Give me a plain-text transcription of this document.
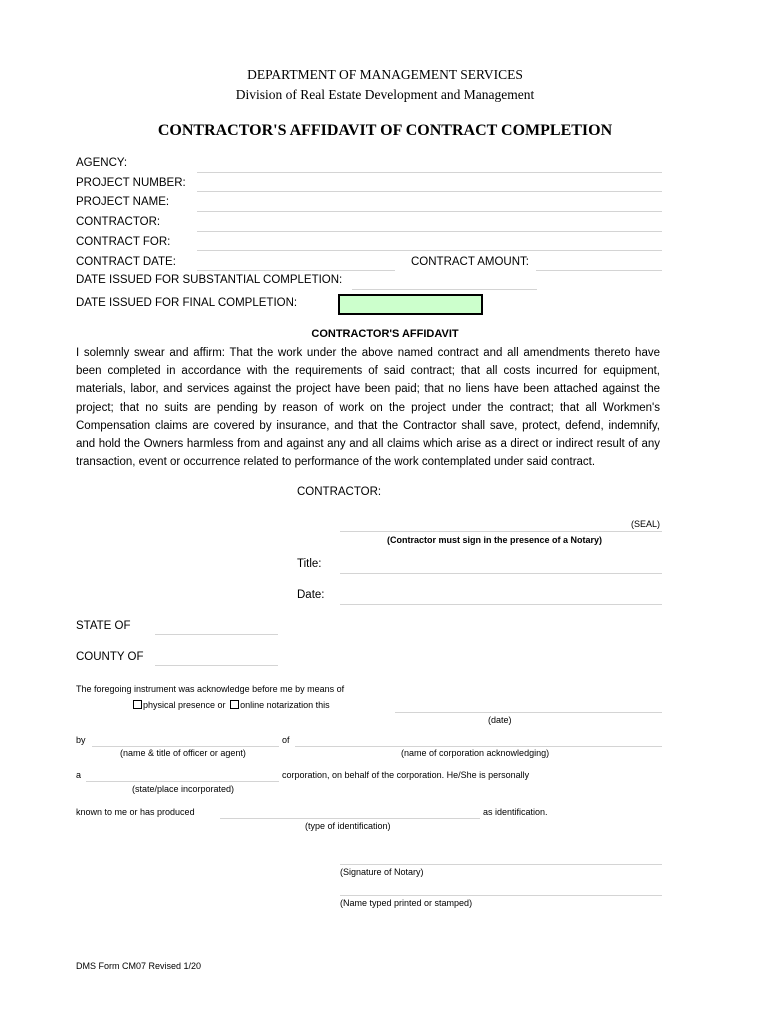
DEPARTMENT OF MANAGEMENT SERVICES
Division of Real Estate Development and Management
CONTRACTOR'S AFFIDAVIT OF CONTRACT COMPLETION
AGENCY:
PROJECT NUMBER:
PROJECT NAME:
CONTRACTOR:
CONTRACT FOR:
CONTRACT DATE:	CONTRACT AMOUNT:
DATE ISSUED FOR SUBSTANTIAL COMPLETION:
DATE ISSUED FOR FINAL COMPLETION:
CONTRACTOR'S AFFIDAVIT
I solemnly swear and affirm: That the work under the above named contract and all amendments thereto have been completed in accordance with the requirements of said contract; that all costs incurred for equipment, materials, labor, and services against the project have been paid; that no liens have been attached against the project; that no suits are pending by reason of work on the project under the contract; that all Workmen's Compensation claims are covered by insurance, and that the Contractor shall save, protect, defend, indemnify, and hold the Owners harmless from and against any and all claims which arise as a direct or indirect result of any transaction, event or occurrence related to performance of the work contemplated under said contract.
CONTRACTOR:
(SEAL)
(Contractor must sign in the presence of a Notary)
Title:
Date:
STATE OF
COUNTY OF
The foregoing instrument was acknowledge before me by means of
physical presence or online notarization this
(date)
by	of
(name & title of officer or agent)	(name of corporation acknowledging)
a	corporation, on behalf of the corporation. He/She is personally
(state/place incorporated)
known to me or has produced	as identification.
(type of identification)
(Signature of Notary)
(Name typed printed or stamped)
DMS Form CM07 Revised 1/20
